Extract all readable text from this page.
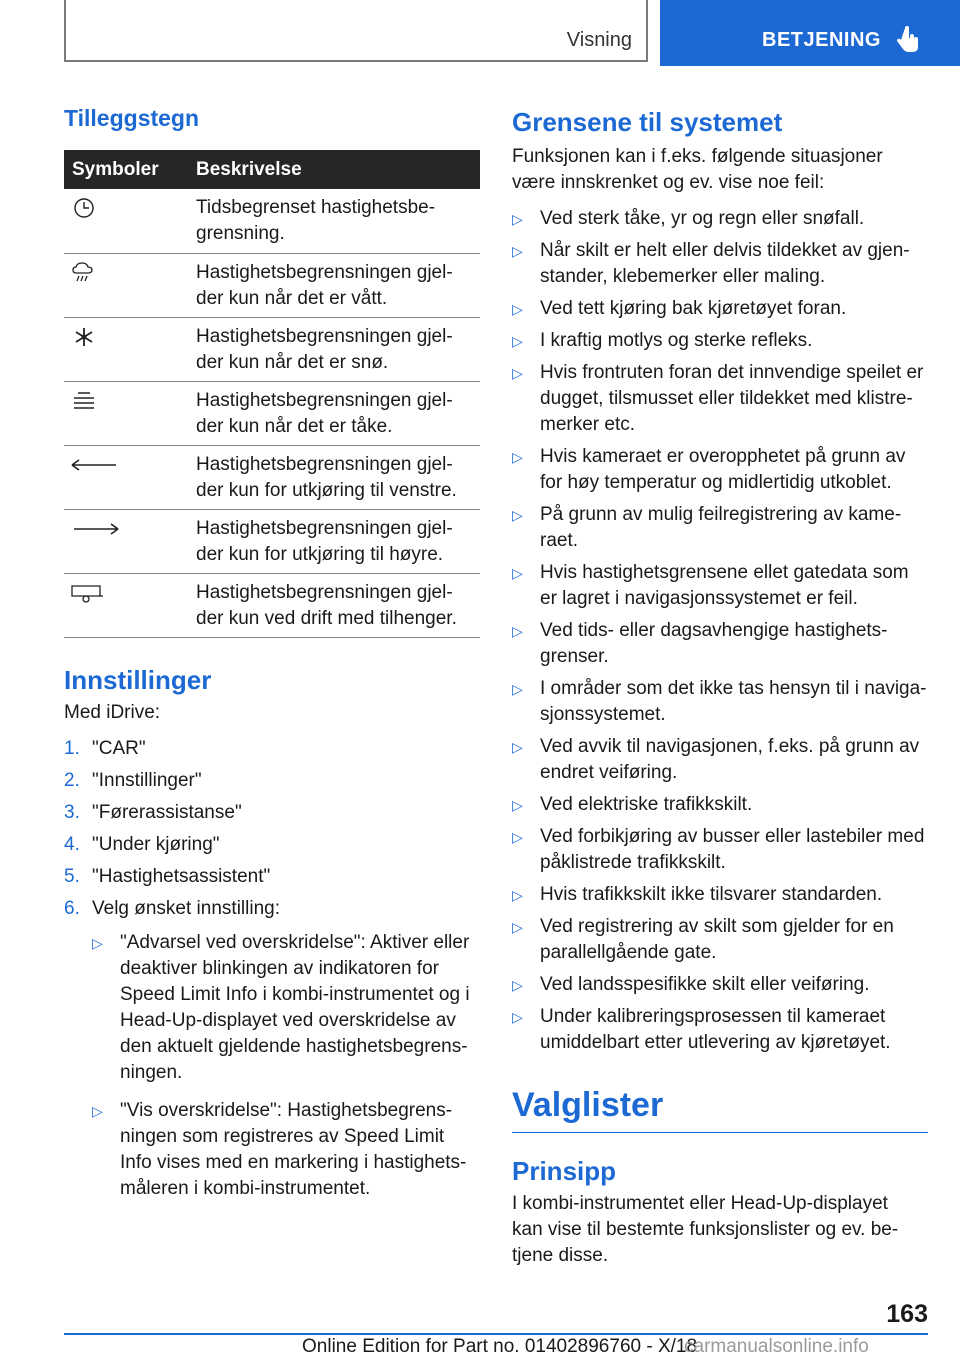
Visning	BETJENING
Tilleggstegn
Symboler	Beskrivelse

	Tidsbegrenset hastighetsbe-
grensning.

	Hastighetsbegrensningen gjel-
der kun når det er vått.

	Hastighetsbegrensningen gjel-
der kun når det er snø.

	Hastighetsbegrensningen gjel-
der kun når det er tåke.

	Hastighetsbegrensningen gjel-
der kun for utkjøring til venstre.

	Hastighetsbegrensningen gjel-
der kun for utkjøring til høyre.

	Hastighetsbegrensningen gjel-
der kun ved drift med tilhenger.
Innstillinger

Med iDrive:

1. "CAR"
2. "Innstillinger"
3. "Førerassistanse"
4. "Under kjøring"
5. "Hastighetsassistent"
6. Velg ønsket innstilling:
▷ "Advarsel ved overskridelse": Aktiver eller
deaktiver blinkingen av indikatoren for
Speed Limit Info i kombi-instrumentet og i
Head-Up-displayet ved overskridelse av
den aktuelt gjeldende hastighetsbegrens-
ningen.
▷ "Vis overskridelse": Hastighetsbegrens-
ningen som registreres av Speed Limit
Info vises med en markering i hastighets-
måleren i kombi-instrumentet.
Grensene til systemet

Funksjonen kan i f.eks. følgende situasjoner
være innskrenket og ev. vise noe feil:

▷ Ved sterk tåke, yr og regn eller snøfall.
▷ Når skilt er helt eller delvis tildekket av gjen-
stander, klebemerker eller maling.
▷ Ved tett kjøring bak kjøretøyet foran.
▷ I kraftig motlys og sterke refleks.
▷ Hvis frontruten foran det innvendige speilet er
dugget, tilsmusset eller tildekket med klistre-
merker etc.
▷ Hvis kameraet er overopphetet på grunn av
for høy temperatur og midlertidig utkoblet.
▷ På grunn av mulig feilregistrering av kame-
raet.
▷ Hvis hastighetsgrensene ellet gatedata som
er lagret i navigasjonssystemet er feil.
▷ Ved tids- eller dagsavhengige hastighets-
grenser.
▷ I områder som det ikke tas hensyn til i naviga-
sjonssystemet.
▷ Ved avvik til navigasjonen, f.eks. på grunn av
endret veiføring.
▷ Ved elektriske trafikkskilt.
▷ Ved forbikjøring av busser eller lastebiler med
påklistrede trafikkskilt.
▷ Hvis trafikkskilt ikke tilsvarer standarden.
▷ Ved registrering av skilt som gjelder for en
parallellgående gate.
▷ Ved landsspesifikke skilt eller veiføring.
▷ Under kalibreringsprosessen til kameraet
umiddelbart etter utlevering av kjøretøyet.
Valglister
Prinsipp

I kombi-instrumentet eller Head-Up-displayet
kan vise til bestemte funksjonslister og ev. be-
tjene disse.

163
Online Edition for Part no. 01402896760 - X/18
carmanualsonline.info
